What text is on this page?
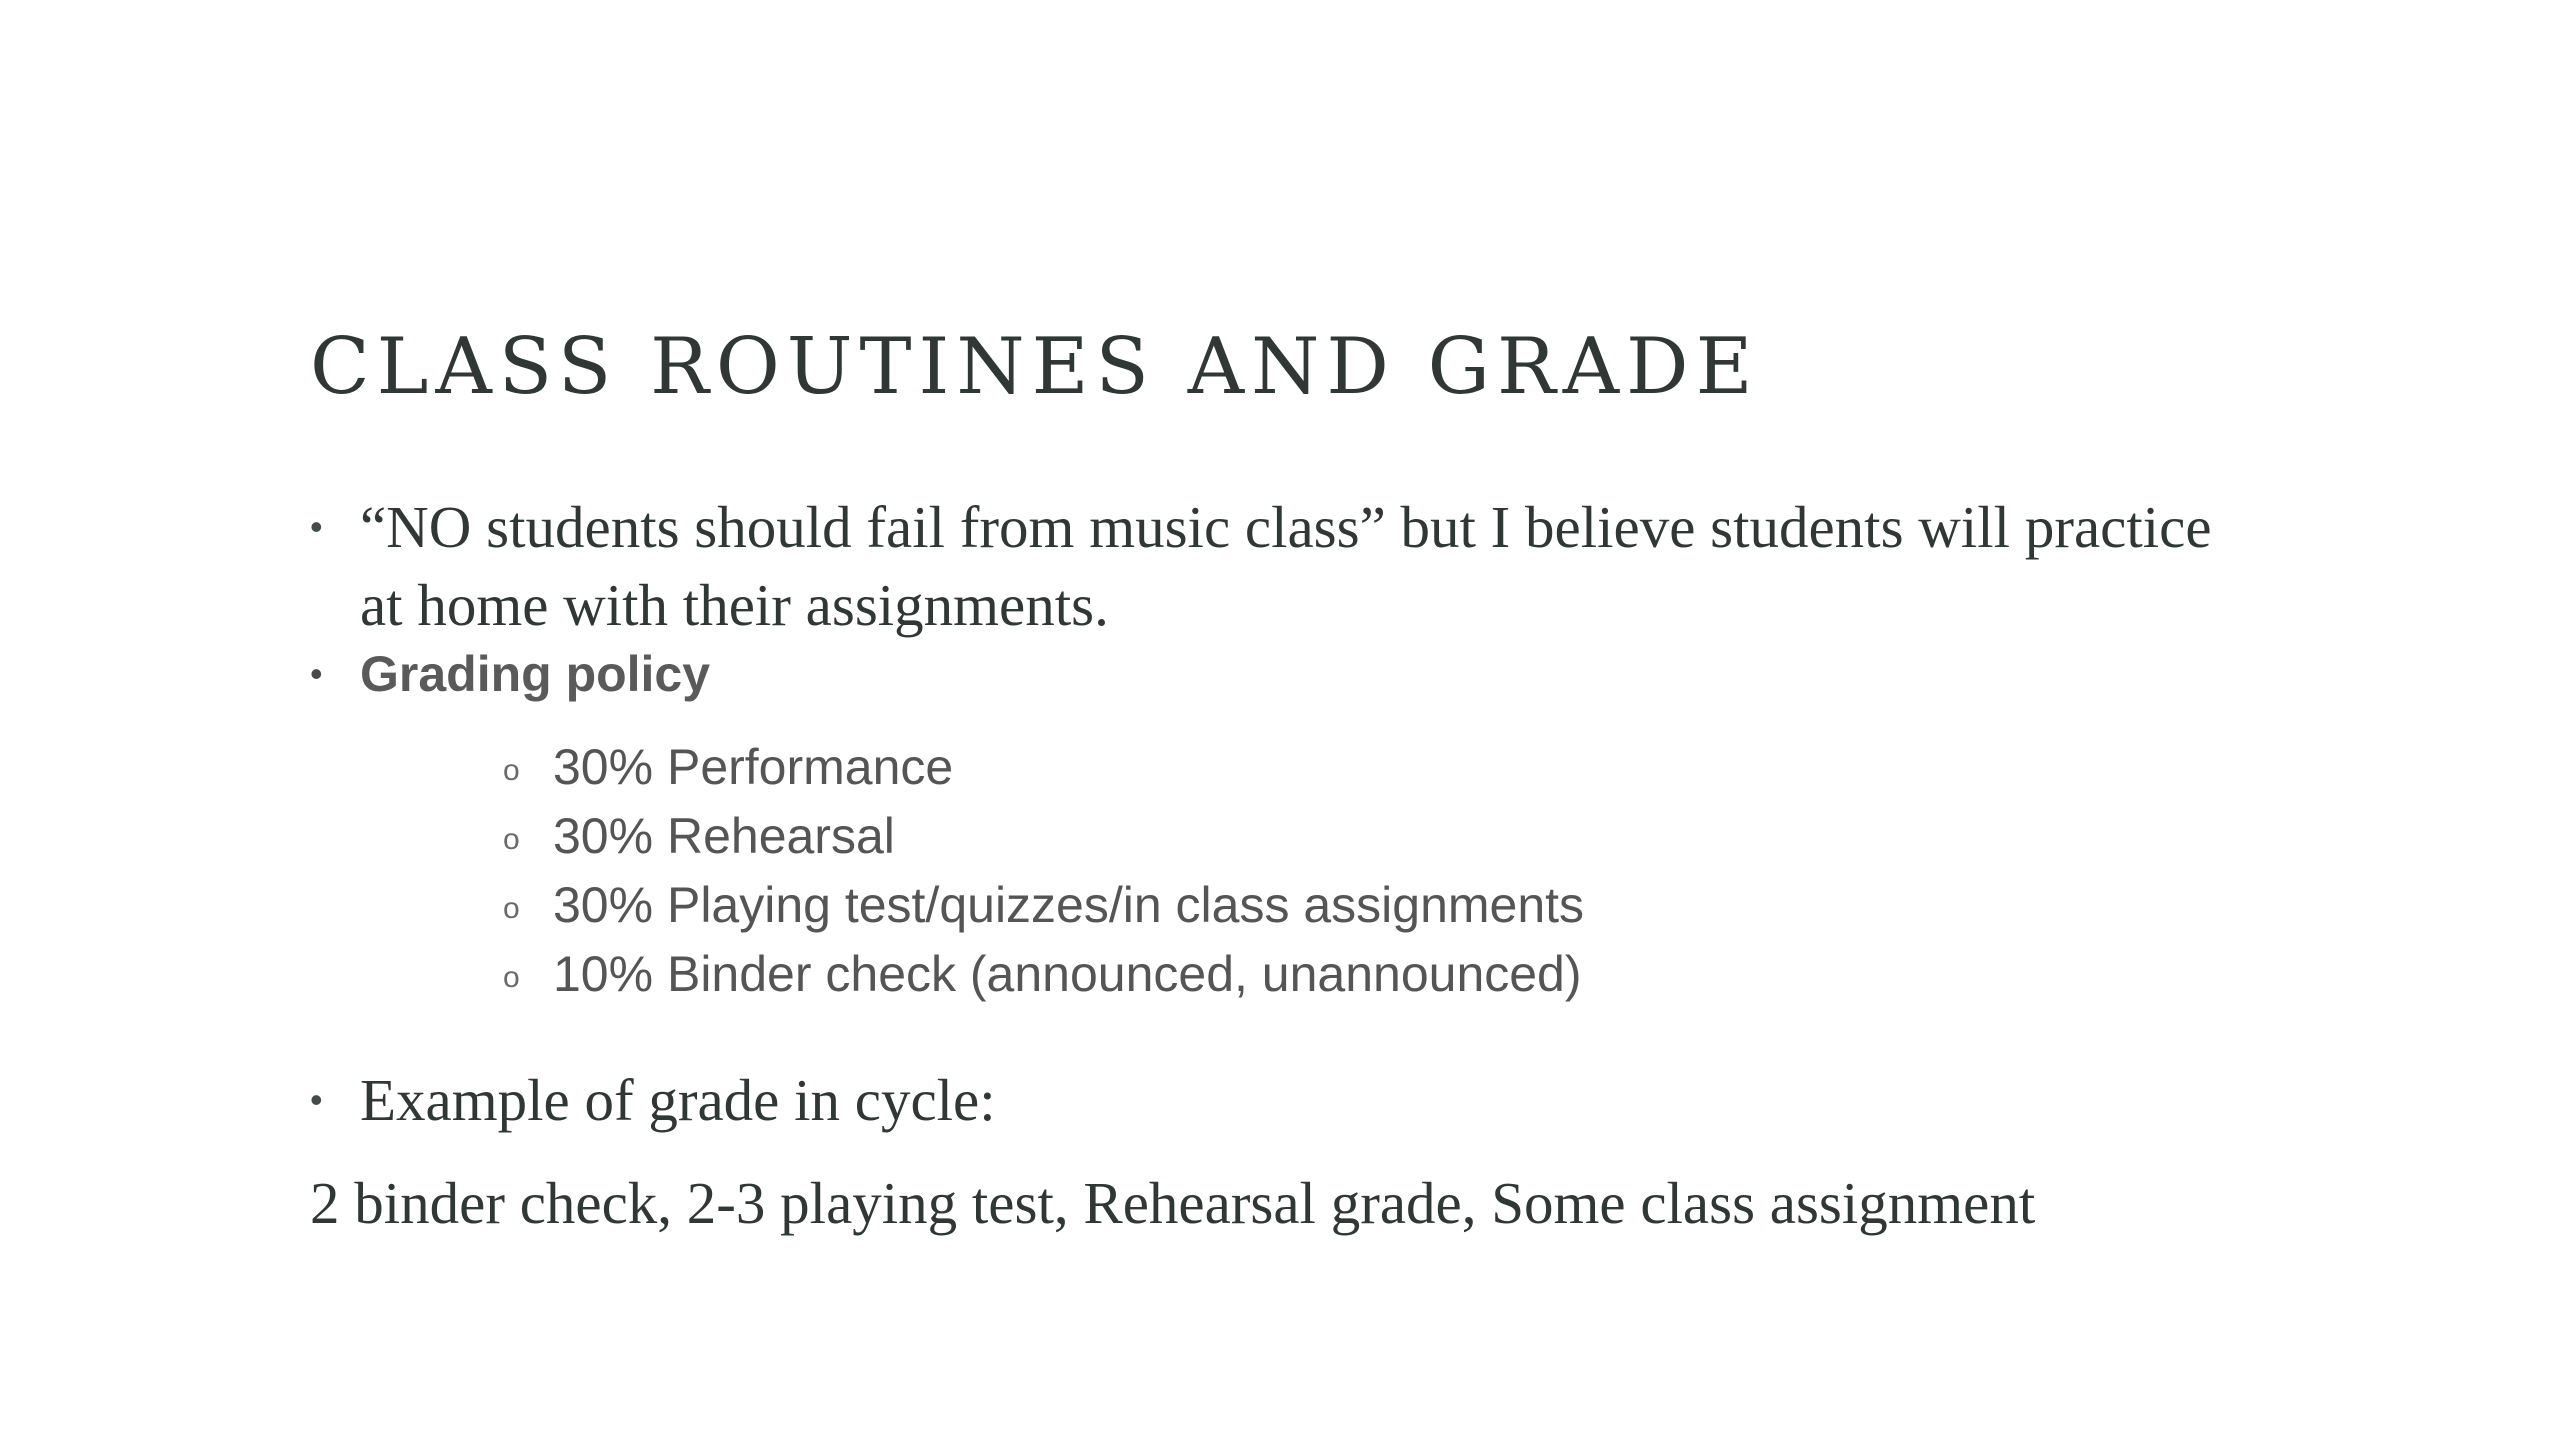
CLASS ROUTINES AND GRADE
• “NO students should fail from music class” but I believe students will practice at home with their assignments.
• Grading policy
o 30% Performance
o 30% Rehearsal
o 30% Playing test/quizzes/in class assignments
o 10% Binder check (announced, unannounced)
• Example of grade in cycle:
2 binder check, 2-3 playing test, Rehearsal grade, Some class assignment
